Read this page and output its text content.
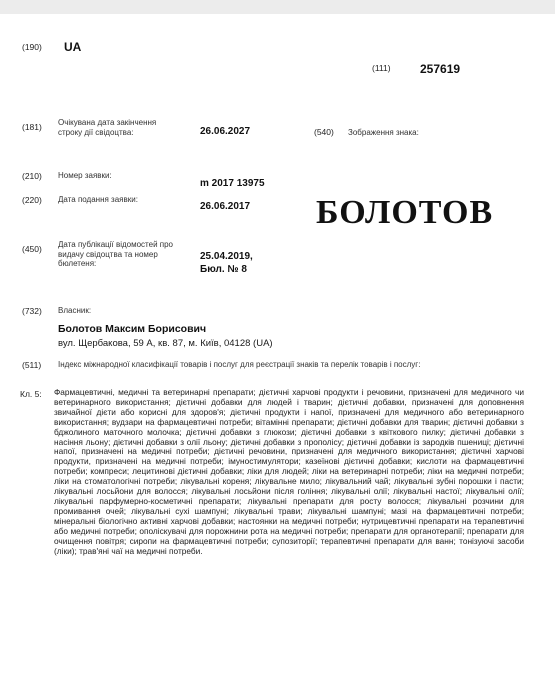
(190) UA
(111) 257619
(181) Очікувана дата закінчення строку дії свідоцтва:	26.06.2027	(540) Зображення знака:
(210) Номер заявки:
m 2017 13975
(220) Дата подання заявки:
26.06.2017 БОЛОТОВ
(450) Дата публікації відомостей про видачу свідоцтва та номер бюлетеня:
25.04.2019,
Бюл. № 8
(732) Власник:
Болотов Максим Борисович
вул. Щербакова, 59 А, кв. 87, м. Київ, 04128 (UA)
(511) Індекс міжнародної класифікації товарів і послуг для реєстрації знаків та перелік товарів і послуг:
Кл. 5: Фармацевтичні, медичні та ветеринарні препарати; дієтичні харчові продукти і речовини, призначені для медичного чи ветеринарного використання; дієтичні добавки для людей і тварин; дієтичні добавки, призначені для доповнення звичайної дієти або корисні для здоров'я; дієтичні продукти і напої, призначені для медичного або ветеринарного використання; вудзари на фармацевтичні потреби; вітамінні препарати; дієтичні добавки для тварин; дієтичні добавки з бджолиного маточного молочка; дієтичні добавки з глюкози; дієтичні добавки з квіткового пилку; дієтичні добавки з насіння льону; дієтичні добавки з олії льону; дієтичні добавки з прополісу; дієтичні добавки із зародків пшениці; дієтичні напої, призначені на медичні потреби; дієтичні речовини, призначені для медичного використання; дієтичні харчові продукти, призначені на медичні потреби; імуностимулятори; казеїнові дієтичні добавки; кислоти на фармацевтичні потреби; компреси; лецитинові дієтичні добавки; ліки для людей; ліки на ветеринарні потреби; ліки на медичні потреби; ліки на стоматологічні потреби; лікувальні кореня; лікувальне мило; лікувальний чай; лікувальні зубні порошки і пасти; лікувальні лосьйони для волосся; лікувальні лосьйони після гоління; лікувальні олії; лікувальні настої; лікувальні олії; лікувальні парфумерно-косметичні препарати; лікувальні препарати для росту волосся; лікувальні розчини для промивання очей; лікувальні сухі шампуні; лікувальні трави; лікувальні шампуні; мазі на фармацевтичні потреби; мінеральні біологічно активні харчові добавки; настоянки на медичні потреби; нутрицевтичні препарати на терапевтичні або медичні потреби; ополіскувачі для порожнини рота на медичні потреби; препарати для органотерапії; препарати для очищення повітря; сиропи на фармацевтичні потреби; супозиторії; терапевтичні препарати для ванн; тонізуючі засоби (ліки); трав'яні чаї на медичні потреби.
